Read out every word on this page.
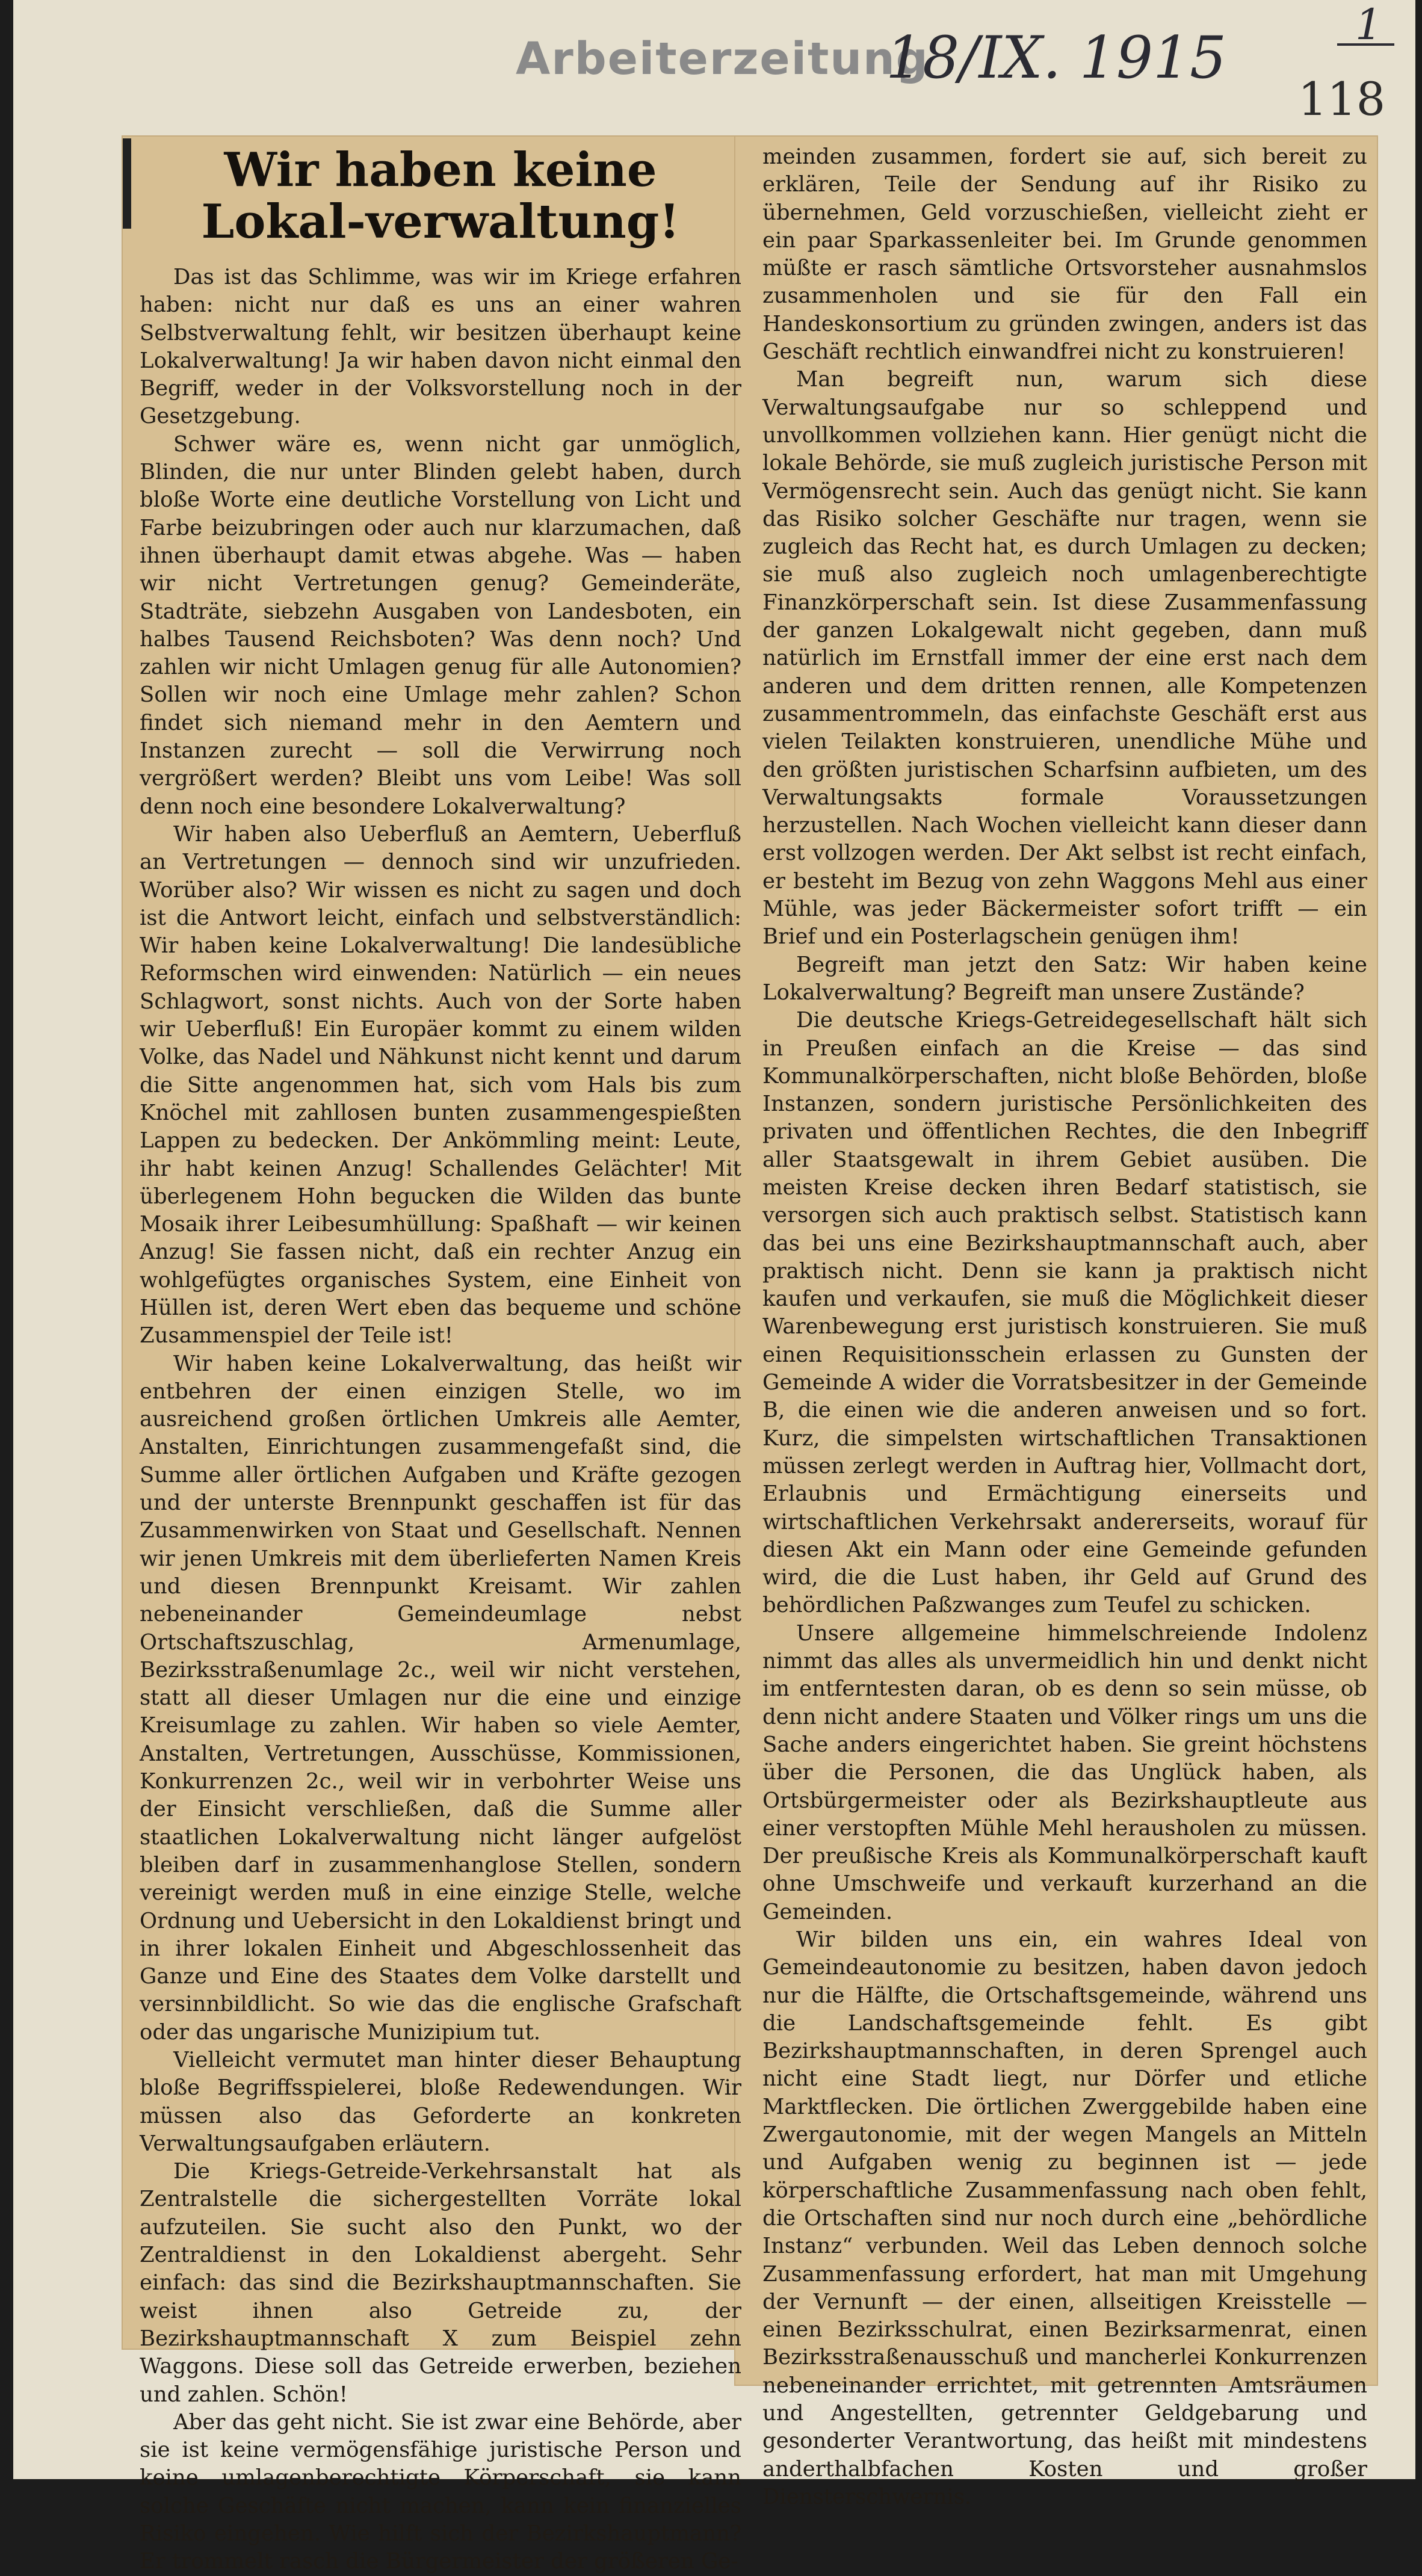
Arbeiterzeitung
18/IX. 1915	1
118
Wir haben keine Lokal-verwaltung!

Das ist das Schlimme, was wir im Kriege erfahren haben: nicht nur daß es uns an einer wahren Selbstverwaltung fehlt, wir besitzen überhaupt keine Lokalverwaltung! Ja wir haben davon nicht einmal den Begriff, weder in der Volksvorstellung noch in der Gesetzgebung.

Schwer wäre es, wenn nicht gar unmöglich, Blinden, die nur unter Blinden gelebt haben, durch bloße Worte eine deutliche Vorstellung von Licht und Farbe beizubringen oder auch nur klarzumachen, daß ihnen überhaupt damit etwas abgehe. Was — haben wir nicht Vertretungen genug? Gemeinderäte, Stadträte, siebzehn Ausgaben von Landesboten, ein halbes Tausend Reichsboten? Was denn noch? Und zahlen wir nicht Umlagen genug für alle Autonomien? Sollen wir noch eine Umlage mehr zahlen? Schon findet sich niemand mehr in den Aemtern und Instanzen zurecht — soll die Verwirrung noch vergrößert werden? Bleibt uns vom Leibe! Was soll denn noch eine besondere Lokalverwaltung?

Wir haben also Ueberfluß an Aemtern, Ueberfluß an Vertretungen — dennoch sind wir unzufrieden. Worüber also? Wir wissen es nicht zu sagen und doch ist die Antwort leicht, einfach und selbstverständlich: Wir haben keine Lokalverwaltung! Die landesübliche Reformschen wird einwenden: Natürlich — ein neues Schlagwort, sonst nichts. Auch von der Sorte haben wir Ueberfluß! Ein Europäer kommt zu einem wilden Volke, das Nadel und Nähkunst nicht kennt und darum die Sitte angenommen hat, sich vom Hals bis zum Knöchel mit zahllosen bunten zusammengespießten Lappen zu bedecken. Der Ankömmling meint: Leute, ihr habt keinen Anzug! Schallendes Gelächter! Mit überlegenem Hohn begucken die Wilden das bunte Mosaik ihrer Leibesumhüllung: Spaßhaft — wir keinen Anzug! Sie fassen nicht, daß ein rechter Anzug ein wohlgefügtes organisches System, eine Einheit von Hüllen ist, deren Wert eben das bequeme und schöne Zusammenspiel der Teile ist!

Wir haben keine Lokalverwaltung, das heißt wir entbehren der einen einzigen Stelle, wo im ausreichend großen örtlichen Umkreis alle Aemter, Anstalten, Einrichtungen zusammengefaßt sind, die Summe aller örtlichen Aufgaben und Kräfte gezogen und der unterste Brennpunkt geschaffen ist für das Zusammenwirken von Staat und Gesellschaft. Nennen wir jenen Umkreis mit dem überlieferten Namen Kreis und diesen Brennpunkt Kreisamt. Wir zahlen nebeneinander Gemeindeumlage nebst Ortschaftszuschlag, Armenumlage, Bezirksstraßenumlage 2c., weil wir nicht verstehen, statt all dieser Umlagen nur die eine und einzige Kreisumlage zu zahlen. Wir haben so viele Aemter, Anstalten, Vertretungen, Ausschüsse, Kommissionen, Konkurrenzen 2c., weil wir in verbohrter Weise uns der Einsicht verschließen, daß die Summe aller staatlichen Lokalverwaltung nicht länger aufgelöst bleiben darf in zusammenhanglose Stellen, sondern vereinigt werden muß in eine einzige Stelle, welche Ordnung und Uebersicht in den Lokaldienst bringt und in ihrer lokalen Einheit und Abgeschlossenheit das Ganze und Eine des Staates dem Volke darstellt und versinnbildlicht. So wie das die englische Grafschaft oder das ungarische Munizipium tut.

Vielleicht vermutet man hinter dieser Behauptung bloße Begriffsspielerei, bloße Redewendungen. Wir müssen also das Geforderte an konkreten Verwaltungsaufgaben erläutern.

Die Kriegs-Getreide-Verkehrsanstalt hat als Zentralstelle die sichergestellten Vorräte lokal aufzuteilen. Sie sucht also den Punkt, wo der Zentraldienst in den Lokaldienst abergeht. Sehr einfach: das sind die Bezirkshauptmannschaften. Sie weist ihnen also Getreide zu, der Bezirkshauptmannschaft X zum Beispiel zehn Waggons. Diese soll das Getreide erwerben, beziehen und zahlen. Schön!

Aber das geht nicht. Sie ist zwar eine Behörde, aber sie ist keine vermögensfähige juristische Person und keine umlagenberechtigte Körperschaft, sie kann solche Geschäfte nicht machen, kann kein finanzielles Risiko eingehen. Wie hilft sich der Bezirkshauptmann? Er trommelt rasch die Bürgermeister der größeren Ge-

meinden zusammen, fordert sie auf, sich bereit zu erklären, Teile der Sendung auf ihr Risiko zu übernehmen, Geld vorzuschießen, vielleicht zieht er ein paar Sparkassenleiter bei. Im Grunde genommen müßte er rasch sämtliche Ortsvorsteher ausnahmslos zusammenholen und sie für den Fall ein Handeskonsortium zu gründen zwingen, anders ist das Geschäft rechtlich einwandfrei nicht zu konstruieren!

Man begreift nun, warum sich diese Verwaltungsaufgabe nur so schleppend und unvollkommen vollziehen kann. Hier genügt nicht die lokale Behörde, sie muß zugleich juristische Person mit Vermögensrecht sein. Auch das genügt nicht. Sie kann das Risiko solcher Geschäfte nur tragen, wenn sie zugleich das Recht hat, es durch Umlagen zu decken; sie muß also zugleich noch umlagenberechtigte Finanzkörperschaft sein. Ist diese Zusammenfassung der ganzen Lokalgewalt nicht gegeben, dann muß natürlich im Ernstfall immer der eine erst nach dem anderen und dem dritten rennen, alle Kompetenzen zusammentrommeln, das einfachste Geschäft erst aus vielen Teilakten konstruieren, unendliche Mühe und den größten juristischen Scharfsinn aufbieten, um des Verwaltungsakts formale Voraussetzungen herzustellen. Nach Wochen vielleicht kann dieser dann erst vollzogen werden. Der Akt selbst ist recht einfach, er besteht im Bezug von zehn Waggons Mehl aus einer Mühle, was jeder Bäckermeister sofort trifft — ein Brief und ein Posterlagschein genügen ihm!

Begreift man jetzt den Satz: Wir haben keine Lokalverwaltung? Begreift man unsere Zustände?

Die deutsche Kriegs-Getreidegesellschaft hält sich in Preußen einfach an die Kreise — das sind Kommunalkörperschaften, nicht bloße Behörden, bloße Instanzen, sondern juristische Persönlichkeiten des privaten und öffentlichen Rechtes, die den Inbegriff aller Staatsgewalt in ihrem Gebiet ausüben. Die meisten Kreise decken ihren Bedarf statistisch, sie versorgen sich auch praktisch selbst. Statistisch kann das bei uns eine Bezirkshauptmannschaft auch, aber praktisch nicht. Denn sie kann ja praktisch nicht kaufen und verkaufen, sie muß die Möglichkeit dieser Warenbewegung erst juristisch konstruieren. Sie muß einen Requisitionsschein erlassen zu Gunsten der Gemeinde A wider die Vorratsbesitzer in der Gemeinde B, die einen wie die anderen anweisen und so fort. Kurz, die simpelsten wirtschaftlichen Transaktionen müssen zerlegt werden in Auftrag hier, Vollmacht dort, Erlaubnis und Ermächtigung einerseits und wirtschaftlichen Verkehrsakt andererseits, worauf für diesen Akt ein Mann oder eine Gemeinde gefunden wird, die die Lust haben, ihr Geld auf Grund des behördlichen Paßzwanges zum Teufel zu schicken.

Unsere allgemeine himmelschreiende Indolenz nimmt das alles als unvermeidlich hin und denkt nicht im entferntesten daran, ob es denn so sein müsse, ob denn nicht andere Staaten und Völker rings um uns die Sache anders eingerichtet haben. Sie greint höchstens über die Personen, die das Unglück haben, als Ortsbürgermeister oder als Bezirkshauptleute aus einer verstopften Mühle Mehl herausholen zu müssen. Der preußische Kreis als Kommunalkörperschaft kauft ohne Umschweife und verkauft kurzerhand an die Gemeinden.

Wir bilden uns ein, ein wahres Ideal von Gemeindeautonomie zu besitzen, haben davon jedoch nur die Hälfte, die Ortschaftsgemeinde, während uns die Landschaftsgemeinde fehlt. Es gibt Bezirkshauptmannschaften, in deren Sprengel auch nicht eine Stadt liegt, nur Dörfer und etliche Marktflecken. Die örtlichen Zwerggebilde haben eine Zwergautonomie, mit der wegen Mangels an Mitteln und Aufgaben wenig zu beginnen ist — jede körperschaftliche Zusammenfassung nach oben fehlt, die Ortschaften sind nur noch durch eine „behördliche Instanz“ verbunden. Weil das Leben dennoch solche Zusammenfassung erfordert, hat man mit Umgehung der Vernunft — der einen, allseitigen Kreisstelle — einen Bezirksschulrat, einen Bezirksarmenrat, einen Bezirksstraßenausschuß und mancherlei Konkurrenzen nebeneinander errichtet, mit getrennten Amtsräumen und Angestellten, getrennter Geldgebarung und gesonderter Verantwortung, das heißt mit mindestens anderthalbfachen Kosten und großer Diensterschwernis.
